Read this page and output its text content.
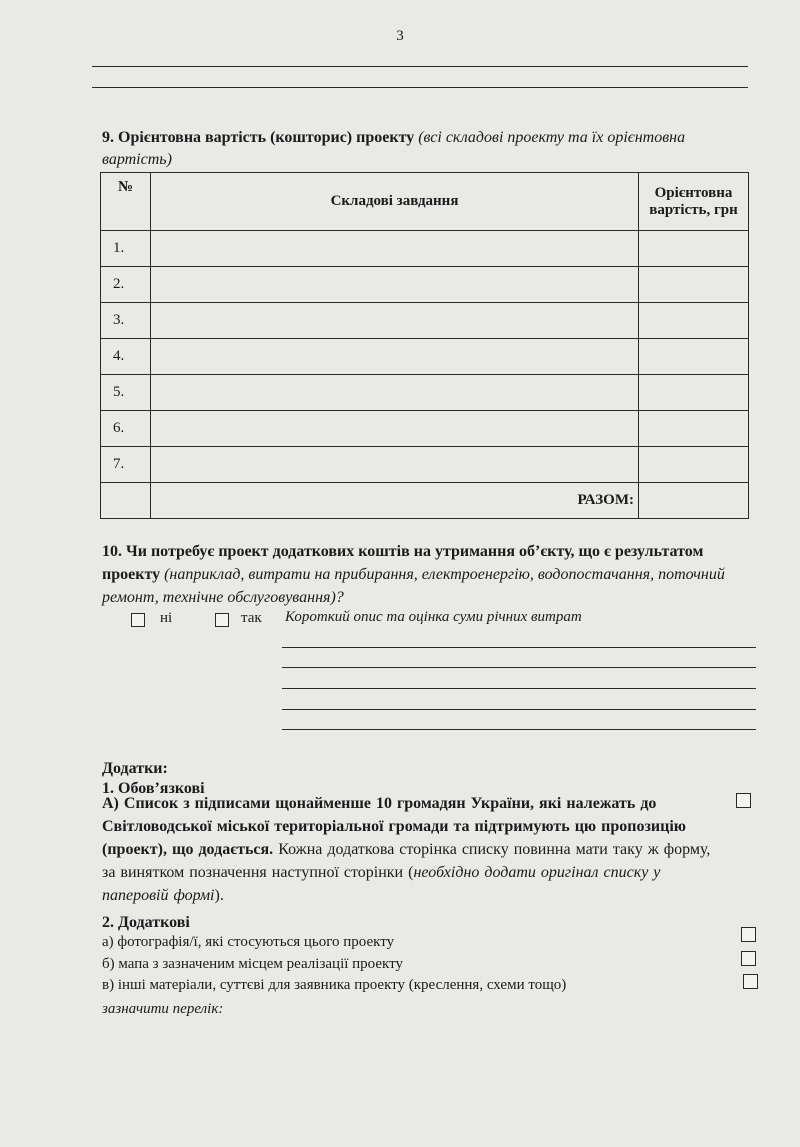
3
9. Орієнтовна вартість (кошторис) проекту (всі складові проекту та їх орієнтовна вартість)
№	Складові завдання	Орієнтовна вартість, грн
1.		
2.		
3.		
4.		
5.		
6.		
7.		
	РАЗОМ:	
10. Чи потребує проект додаткових коштів на утримання об’єкту, що є результатом проекту (наприклад, витрати на прибирання, електроенергію, водопостачання, поточний ремонт, технічне обслуговування)?
ні	так Короткий опис та оцінка суми річних витрат
Додатки:
1. Обов’язкові
А) Список з підписами щонайменше 10 громадян України, які належать до Світловодської міської територіальної громади та підтримують цю пропозицію (проект), що додається. Кожна додаткова сторінка списку повинна мати таку ж форму, за винятком позначення наступної сторінки (необхідно додати оригінал списку у паперовій формі).
2. Додаткові
а) фотографія/ї, які стосуються цього проекту
б) мапа з зазначеним місцем реалізації проекту
в) інші матеріали, суттєві для заявника проекту (креслення, схеми тощо)
зазначити перелік:
